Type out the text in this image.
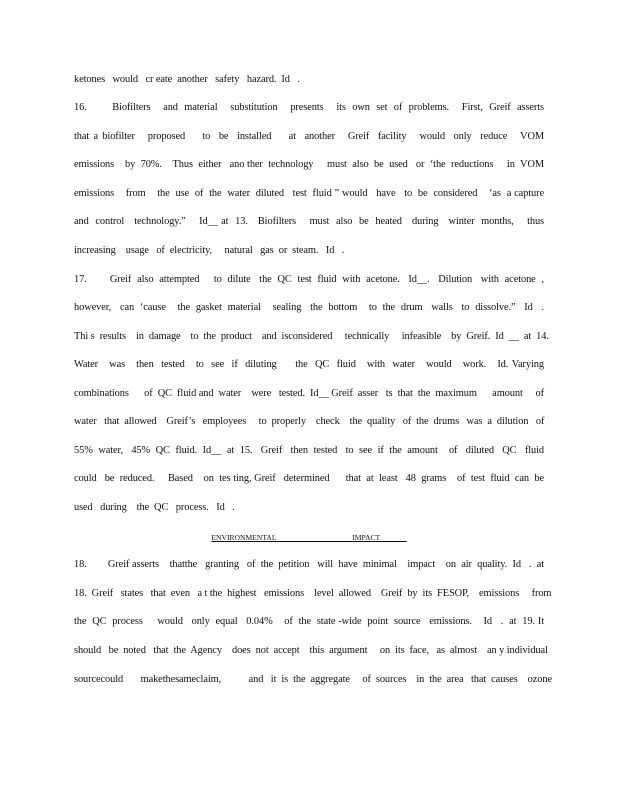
ketones   would   cr eate  another   safety   hazard.  Id   .
16.        Biofilters    and  material    substitution    presents    its  own  set  of  problems.    First,  Greif  asserts
that a biofilter   proposed    to  be  installed    at  another   Greif  facility   would  only  reduce   VOM
emissions    by  70%.    Thus  either   ano ther  technology     must  also  be  used   or  ‘the  reductions     in  VOM
emissions    from    the  use  of  the  water  diluted   test  fluid ” would   have   to  be  considered    ‘as  a capture
and  control   technology.”    Id__ at  13.   Biofilters    must  also  be  heated   during   winter  months,    thus
increasing    usage   of  electricity,     natural   gas  or  steam.   Id   .
17.        Greif  also  attempted     to  dilute   the  QC  test  fluid  with  acetone.   Id__.   Dilution   with  acetone  ,
however,   can  ‘cause    the  gasket  material    sealing   the  bottom    to  the  drum   walls   to  dissolve.”   Id   .
Thi s  results    in  damage    to  the  product    and  isconsidered     technically     infeasible    by  Greif.  Id  __  at  14.
Water   was   then  tested   to  see  if  diluting     the  QC  fluid   with  water   would   work.   Id. Varying
combinations      of  QC  fluid and  water    were   tested.  Id__ Greif  asser   ts  that  the  maximum      amount     of
water   that  allowed    Greif’s   employees     to  properly    check    the  quality   of  the  drums   was  a  dilution   of
55%  water,   45%  QC  fluid.  Id__  at  15.   Greif   then  tested   to  see  if  the  amount    of   diluted   QC   fluid
could   be  reduced.     Based    on  tes ting, Greif   determined      that  at  least   48  grams    of  test  fluid  can  be
used   during    the  QC   process.   Id   .
ENVIRONMENTAL	IMPACT
18.        Greif asserts    thatthe   granting   of  the  petition   will  have  minimal    impact    on  air  quality.  Id   .  at
18.  Greif   states   that  even   a t the  highest   emissions    level  allowed    Greif  by  its  FESOP,    emissions     from
the  QC  process     would   only  equal   0.04%    of  the  state -wide  point  source   emissions.    Id   .  at  19. It
should   be  noted   that  the  Agency    does  not  accept    this  argument     on  its  face,   as  almost    an y individual
sourcecould       makethesameclaim,           and   it  is  the  aggregate     of  sources    in  the  area   that  causes    ozone
